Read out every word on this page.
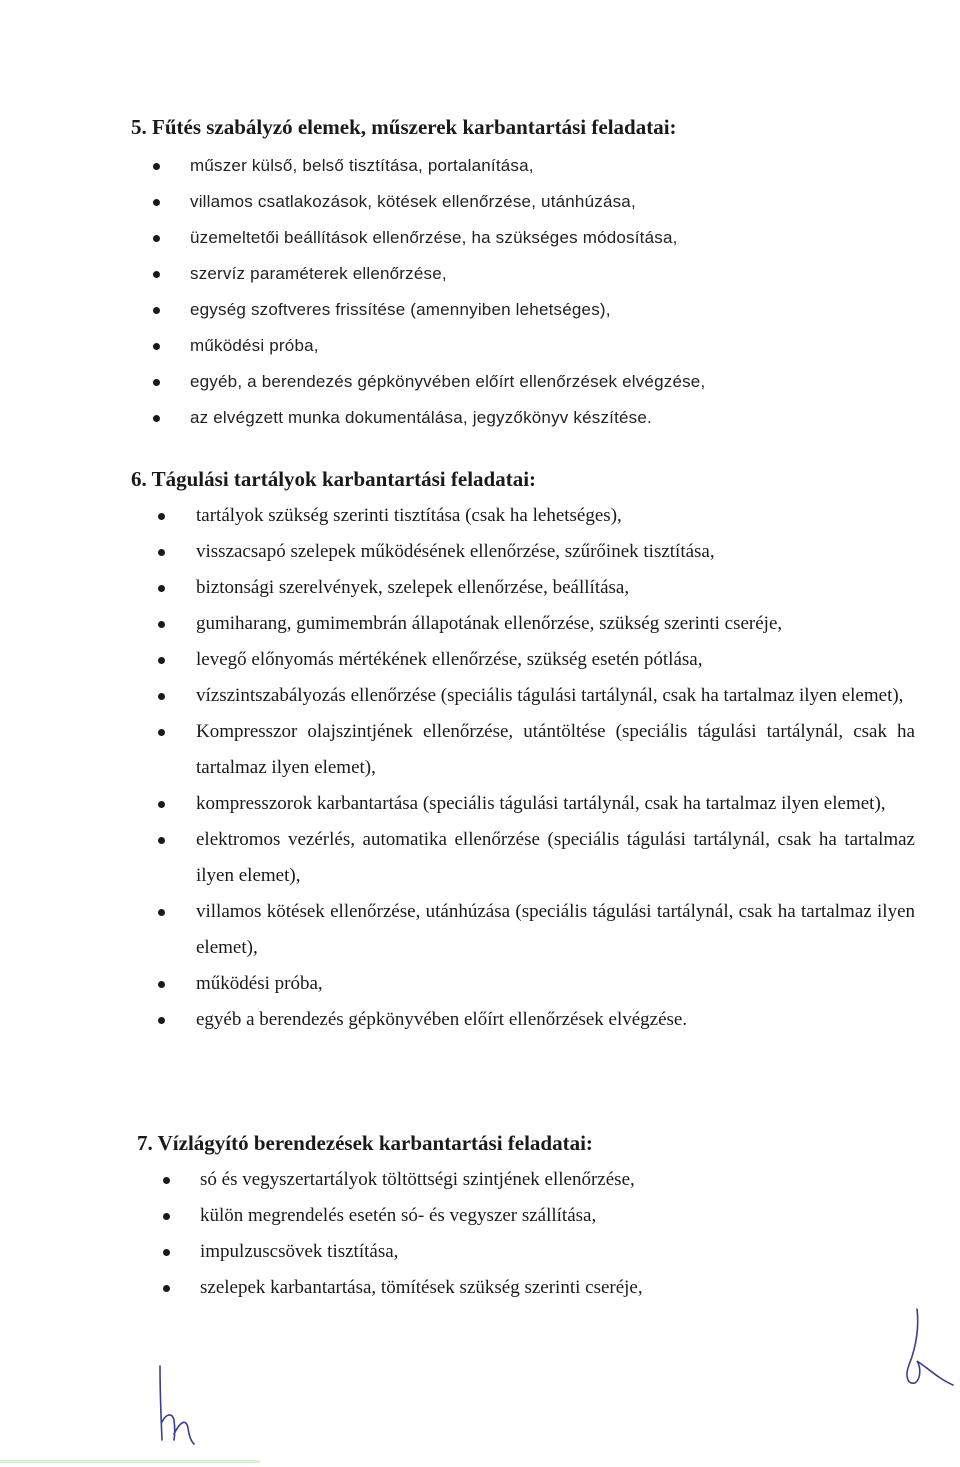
5. Fűtés szabályzó elemek, műszerek karbantartási feladatai:
műszer külső, belső tisztítása, portalanítása,
villamos csatlakozások, kötések ellenőrzése, utánhúzása,
üzemeltetői beállítások ellenőrzése, ha szükséges módosítása,
szervíz paraméterek ellenőrzése,
egység szoftveres frissítése (amennyiben lehetséges),
működési próba,
egyéb, a berendezés gépkönyvében előírt ellenőrzések elvégzése,
az elvégzett munka dokumentálása, jegyzőkönyv készítése.
6. Tágulási tartályok karbantartási feladatai:
tartályok szükség szerinti tisztítása (csak ha lehetséges),
visszacsapó szelepek működésének ellenőrzése, szűrőinek tisztítása,
biztonsági szerelvények, szelepek ellenőrzése, beállítása,
gumiharang, gumimembrán állapotának ellenőrzése, szükség szerinti cseréje,
levegő előnyomás mértékének ellenőrzése, szükség esetén pótlása,
vízszintszabályozás ellenőrzése (speciális tágulási tartálynál, csak ha tartalmaz ilyen elemet),
Kompresszor olajszintjének ellenőrzése, utántöltése (speciális tágulási tartálynál, csak ha tartalmaz ilyen elemet),
kompresszorok karbantartása (speciális tágulási tartálynál, csak ha tartalmaz ilyen elemet),
elektromos vezérlés, automatika ellenőrzése (speciális tágulási tartálynál, csak ha tartalmaz ilyen elemet),
villamos kötések ellenőrzése, utánhúzása (speciális tágulási tartálynál, csak ha tartalmaz ilyen elemet),
működési próba,
egyéb a berendezés gépkönyvében előírt ellenőrzések elvégzése.
7. Vízlágyító berendezések karbantartási feladatai:
só és vegyszertartályok töltöttségi szintjének ellenőrzése,
külön megrendelés esetén só- és vegyszer szállítása,
impulzuscsövek tisztítása,
szelepek karbantartása, tömítések szükség szerinti cseréje,
